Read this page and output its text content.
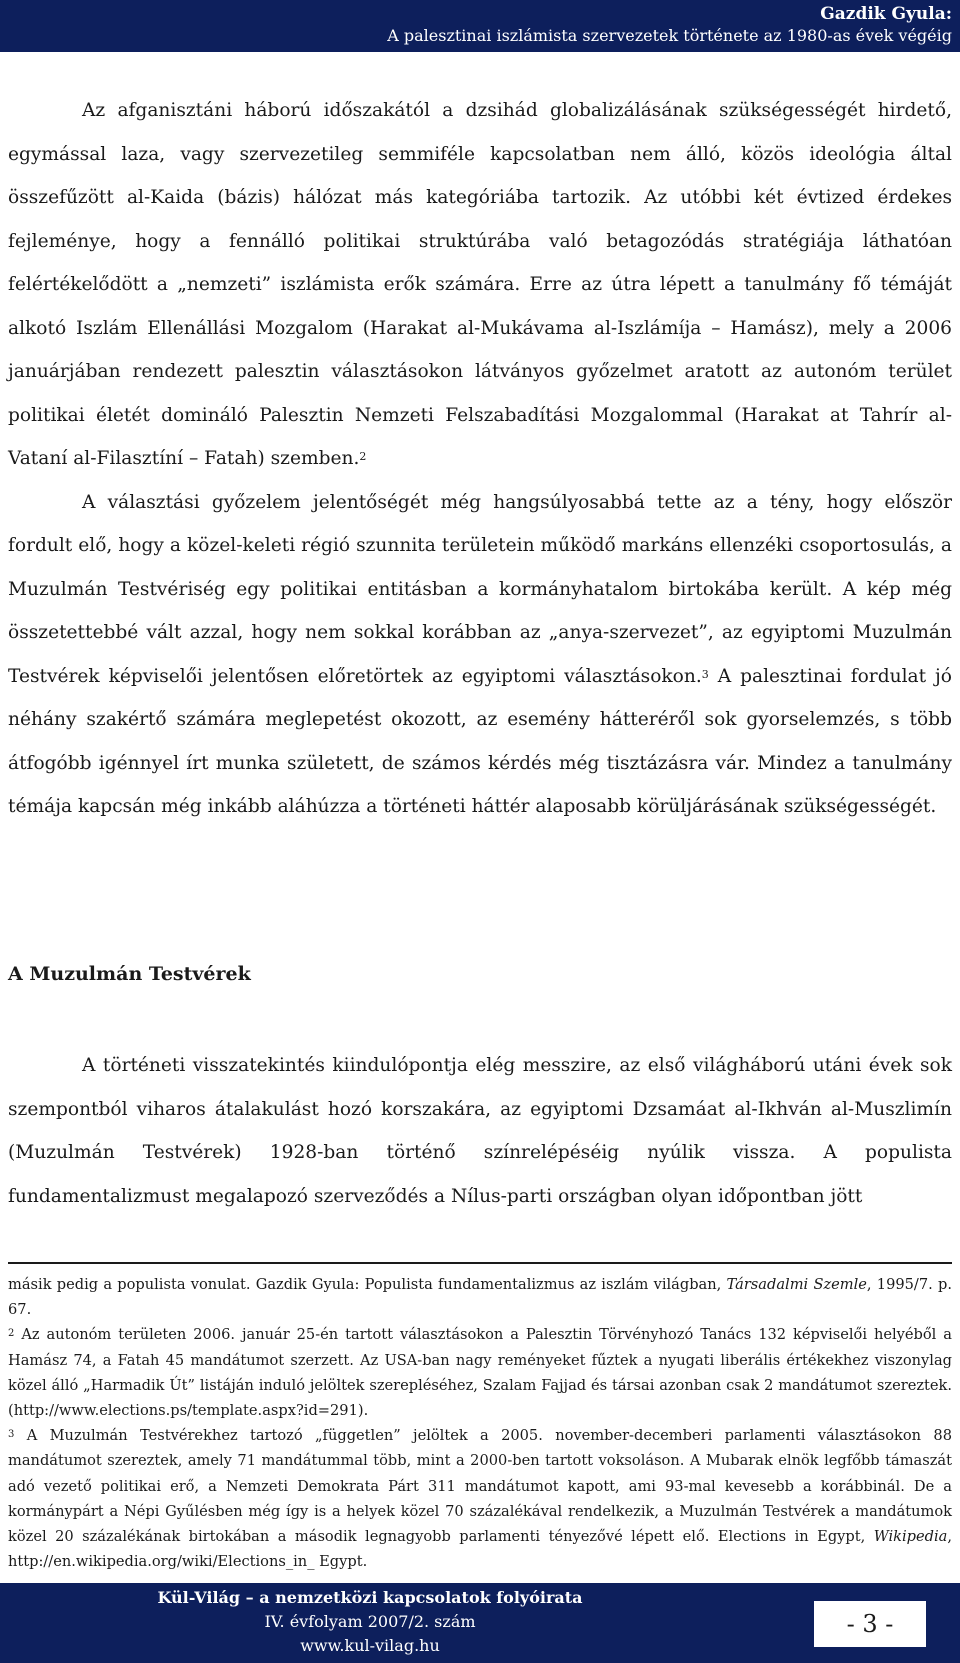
Gazdik Gyula:
A palesztinai iszlámista szervezetek története az 1980-as évek végéig

Az afganisztáni háború időszakától a dzsihád globalizálásának szükségességét hirdető, egymással laza, vagy szervezetileg semmiféle kapcsolatban nem álló, közös ideológia által összefűzött al-Kaida (bázis) hálózat más kategóriába tartozik. Az utóbbi két évtized érdekes fejleménye, hogy a fennálló politikai struktúrába való betagozódás stratégiája láthatóan felértékelődött a „nemzeti” iszlámista erők számára. Erre az útra lépett a tanulmány fő témáját alkotó Iszlám Ellenállási Mozgalom (Harakat al-Mukávama al-Iszlámíja – Hamász), mely a 2006 januárjában rendezett palesztin választásokon látványos győzelmet aratott az autonóm terület politikai életét domináló Palesztin Nemzeti Felszabadítási Mozgalommal (Harakat at Tahrír al-Vataní al-Filasztíní – Fatah) szemben.$^2$

A választási győzelem jelentőségét még hangsúlyosabbá tette az a tény, hogy először fordult elő, hogy a közel-keleti régió szunnita területein működő markáns ellenzéki csoportosulás, a Muzulmán Testvériség egy politikai entitásban a kormányhatalom birtokába került. A kép még összetettebbé vált azzal, hogy nem sokkal korábban az „anya-szervezet”, az egyiptomi Muzulmán Testvérek képviselői jelentősen előretörtek az egyiptomi választásokon.$^3$ A palesztinai fordulat jó néhány szakértő számára meglepetést okozott, az esemény hátteréről sok gyorselemzés, s több átfogóbb igénnyel írt munka született, de számos kérdés még tisztázásra vár. Mindez a tanulmány témája kapcsán még inkább aláhúzza a történeti háttér alaposabb körüljárásának szükségességét.

A Muzulmán Testvérek

A történeti visszatekintés kiindulópontja elég messzire, az első világháború utáni évek sok szempontból viharos átalakulást hozó korszakára, az egyiptomi Dzsamáat al-Ikhván al-Muszlimín (Muzulmán Testvérek) 1928-ban történő színrelépéséig nyúlik vissza. A populista fundamentalizmust megalapozó szerveződés a Nílus-parti országban olyan időpontban jött

másik pedig a populista vonulat. Gazdik Gyula: Populista fundamentalizmus az iszlám világban, Társadalmi Szemle, 1995/7. p. 67.
$^2$ Az autonóm területen 2006. január 25-én tartott választásokon a Palesztin Törvényhozó Tanács 132 képviselői helyéből a Hamász 74, a Fatah 45 mandátumot szerzett. Az USA-ban nagy reményeket fűztek a nyugati liberális értékekhez viszonylag közel álló „Harmadik Út” listáján induló jelöltek szerepléséhez, Szalam Fajjad és társai azonban csak 2 mandátumot szereztek. (http://www.elections.ps/template.aspx?id=291).
$^3$ A Muzulmán Testvérekhez tartozó „független” jelöltek a 2005. november-decemberi parlamenti választásokon 88 mandátumot szereztek, amely 71 mandátummal több, mint a 2000-ben tartott voksoláson. A Mubarak elnök legfőbb támaszát adó vezető politikai erő, a Nemzeti Demokrata Párt 311 mandátumot kapott, ami 93-mal kevesebb a korábbinál. De a kormánypárt a Népi Gyűlésben még így is a helyek közel 70 százalékával rendelkezik, a Muzulmán Testvérek a mandátumok közel 20 százalékának birtokában a második legnagyobb parlamenti tényezővé lépett elő. Elections in Egypt, Wikipedia, http://en.wikipedia.org/wiki/Elections_in_ Egypt.
Kül-Világ – a nemzetközi kapcsolatok folyóirata
IV. évfolyam 2007/2. szám
www.kul-vilag.hu
- 3 -
